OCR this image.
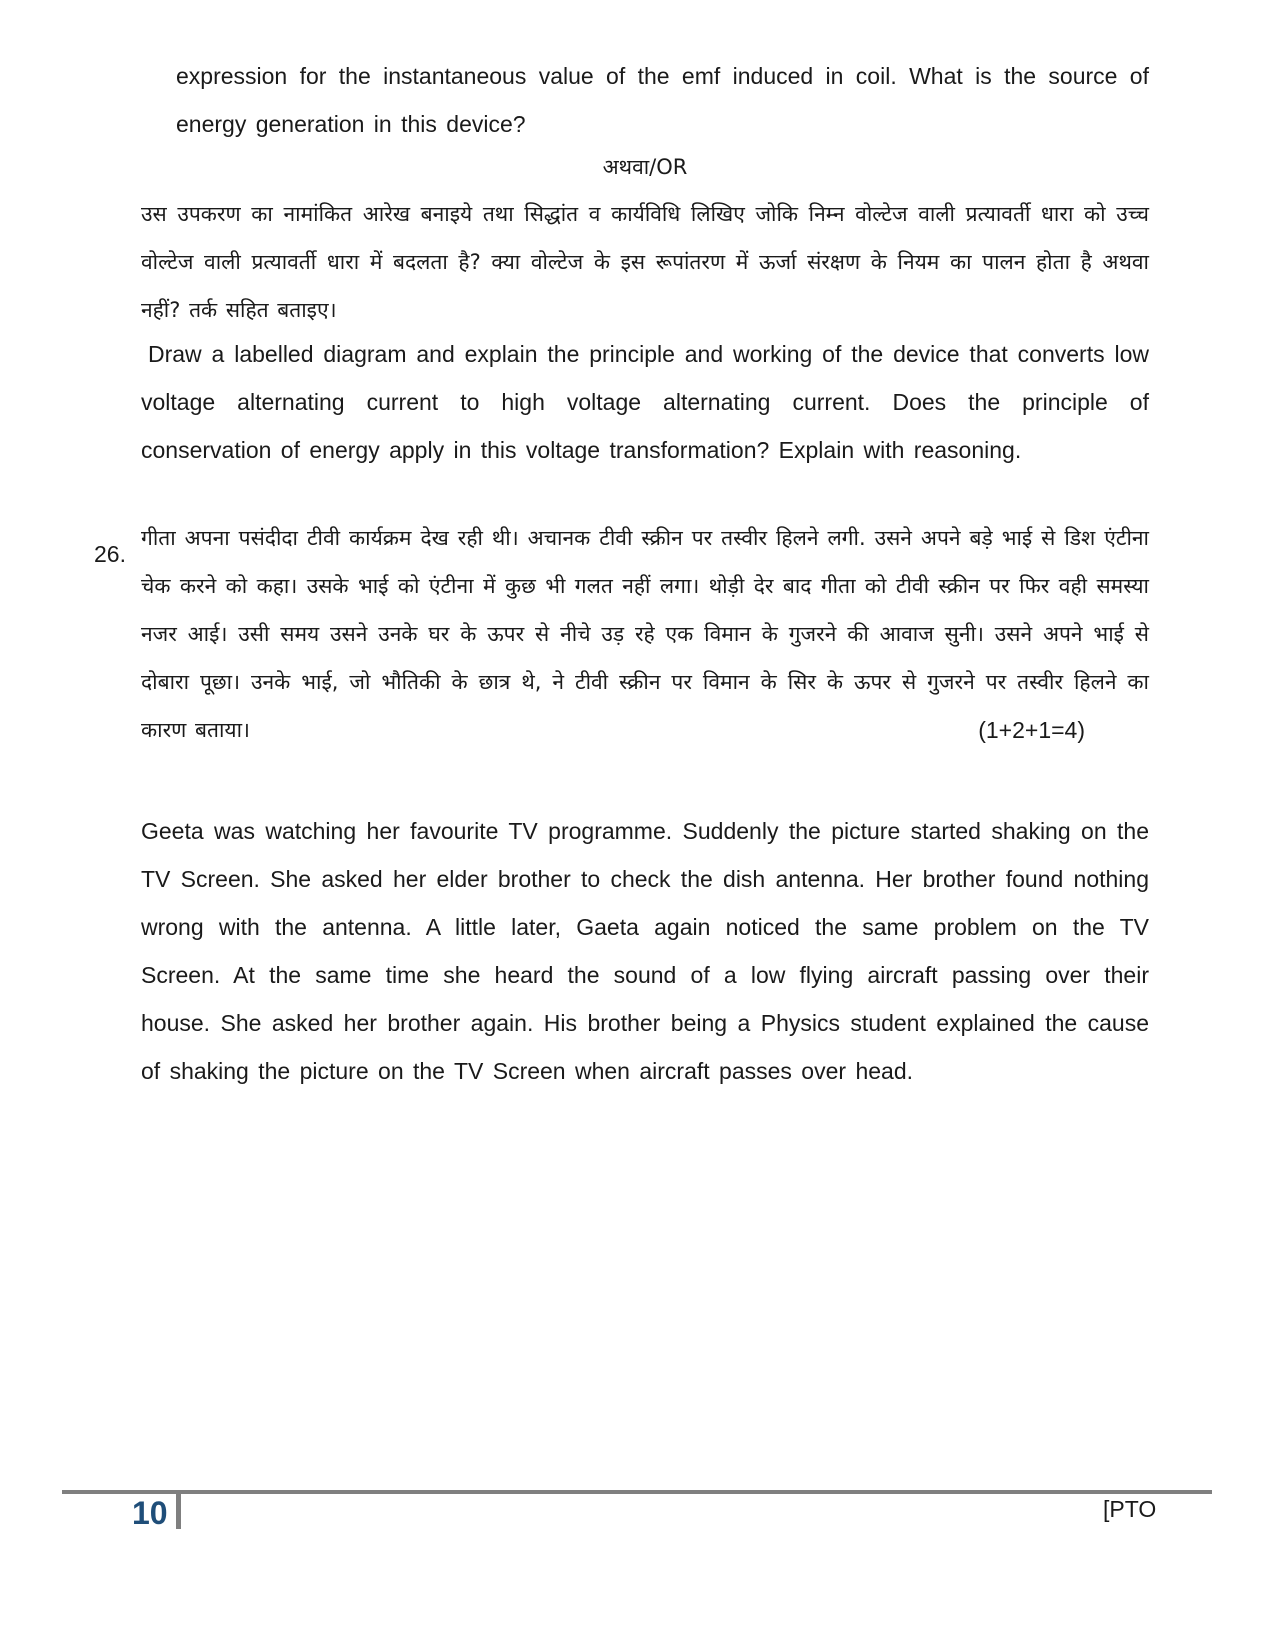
expression for the instantaneous value of the emf induced in coil. What is the source of energy generation in this device?

अथवा/OR

उस उपकरण का नामांकित आरेख बनाइये तथा सिद्धांत व कार्यविधि लिखिए जोकि निम्न वोल्टेज वाली प्रत्यावर्ती धारा को उच्च वोल्टेज वाली प्रत्यावर्ती धारा में बदलता है? क्या वोल्टेज के इस रूपांतरण में ऊर्जा संरक्षण के नियम का पालन होता है अथवा नहीं? तर्क सहित बताइए।

Draw a labelled diagram and explain the principle and working of the device that converts low voltage alternating current to high voltage alternating current. Does the principle of conservation of energy apply in this voltage transformation? Explain with reasoning.

26.
गीता अपना पसंदीदा टीवी कार्यक्रम देख रही थी। अचानक टीवी स्क्रीन पर तस्वीर हिलने लगी. उसने अपने बड़े भाई से डिश एंटीना चेक करने को कहा। उसके भाई को एंटीना में कुछ भी गलत नहीं लगा। थोड़ी देर बाद गीता को टीवी स्क्रीन पर फिर वही समस्या नजर आई। उसी समय उसने उनके घर के ऊपर से नीचे उड़ रहे एक विमान के गुजरने की आवाज सुनी। उसने अपने भाई से दोबारा पूछा। उनके भाई, जो भौतिकी के छात्र थे, ने टीवी स्क्रीन पर विमान के सिर के ऊपर से गुजरने पर तस्वीर हिलने का कारण बताया।	(1+2+1=4)

Geeta was watching her favourite TV programme. Suddenly the picture started shaking on the TV Screen. She asked her elder brother to check the dish antenna. Her brother found nothing wrong with the antenna. A little later, Gaeta again noticed the same problem on the TV Screen. At the same time she heard the sound of a low flying aircraft passing over their house. She asked her brother again. His brother being a Physics student explained the cause of shaking the picture on the TV Screen when aircraft passes over head.

10	[PTO
